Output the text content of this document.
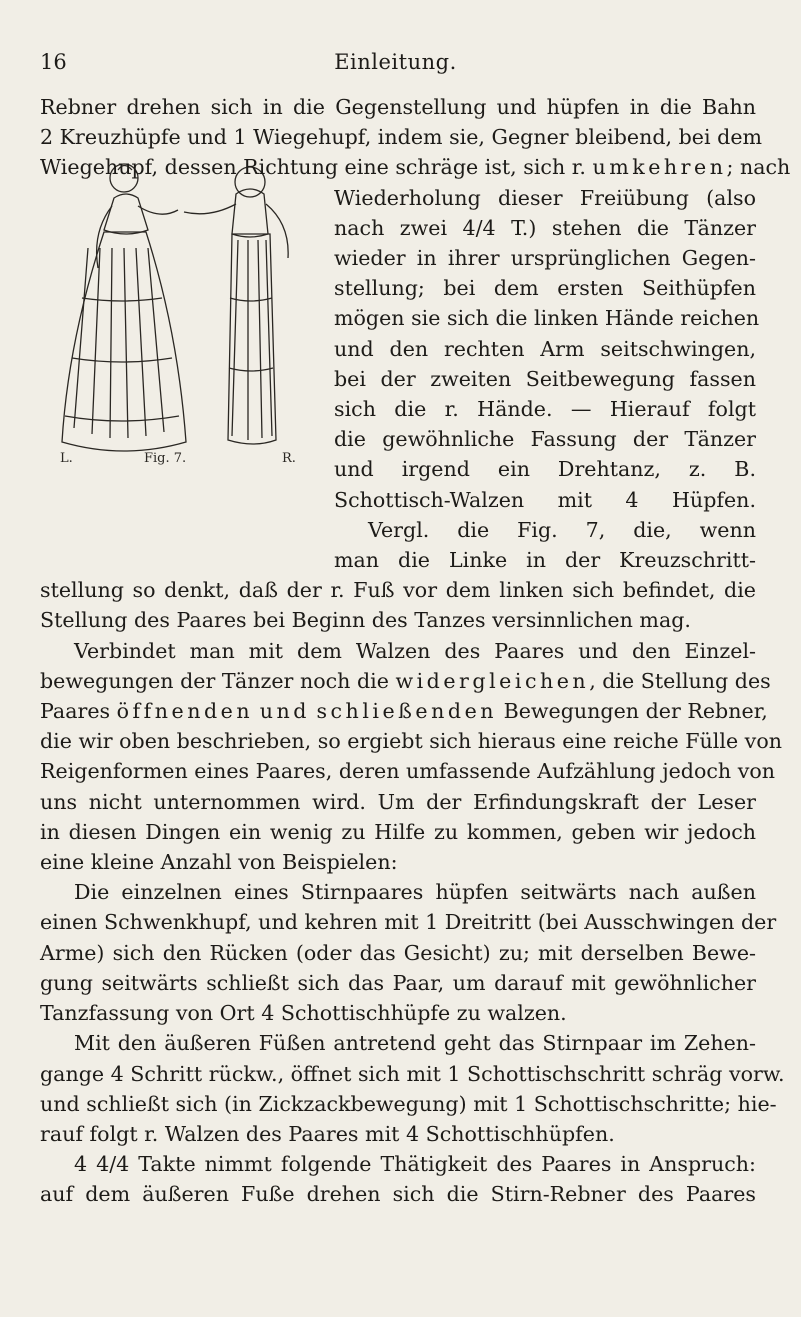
16	Einleitung.
L.	Fig. 7.	R.
Rebner drehen sich in die Gegenstellung und hüpfen in die Bahn
2 Kreuzhüpfe und 1 Wiegehupf, indem sie, Gegner bleibend, bei dem
Wiegehupf, dessen Richtung eine schräge ist, sich r. umkehren; nach
Wiederholung dieser Freiübung (also
nach zwei 4/4 T.) stehen die Tänzer
wieder in ihrer ursprünglichen Gegen-
stellung; bei dem ersten Seithüpfen
mögen sie sich die linken Hände reichen
und den rechten Arm seitschwingen,
bei der zweiten Seitbewegung fassen
sich die r. Hände. — Hierauf folgt
die gewöhnliche Fassung der Tänzer
und irgend ein Drehtanz, z. B.
Schottisch-Walzen mit 4 Hüpfen.
Vergl. die Fig. 7, die, wenn
man die Linke in der Kreuzschritt-
stellung so denkt, daß der r. Fuß vor dem linken sich befindet, die
Stellung des Paares bei Beginn des Tanzes versinnlichen mag.
Verbindet man mit dem Walzen des Paares und den Einzel-
bewegungen der Tänzer noch die widergleichen, die Stellung des
Paares öffnenden und schließenden Bewegungen der Rebner,
die wir oben beschrieben, so ergiebt sich hieraus eine reiche Fülle von
Reigenformen eines Paares, deren umfassende Aufzählung jedoch von
uns nicht unternommen wird. Um der Erfindungskraft der Leser
in diesen Dingen ein wenig zu Hilfe zu kommen, geben wir jedoch
eine kleine Anzahl von Beispielen:
Die einzelnen eines Stirnpaares hüpfen seitwärts nach außen
einen Schwenkhupf, und kehren mit 1 Dreitritt (bei Ausschwingen der
Arme) sich den Rücken (oder das Gesicht) zu; mit derselben Bewe-
gung seitwärts schließt sich das Paar, um darauf mit gewöhnlicher
Tanzfassung von Ort 4 Schottischhüpfe zu walzen.
Mit den äußeren Füßen antretend geht das Stirnpaar im Zehen-
gange 4 Schritt rückw., öffnet sich mit 1 Schottischschritt schräg vorw.
und schließt sich (in Zickzackbewegung) mit 1 Schottischschritte; hie-
rauf folgt r. Walzen des Paares mit 4 Schottischhüpfen.
4 4/4 Takte nimmt folgende Thätigkeit des Paares in Anspruch:
auf dem äußeren Fuße drehen sich die Stirn-Rebner des Paares
